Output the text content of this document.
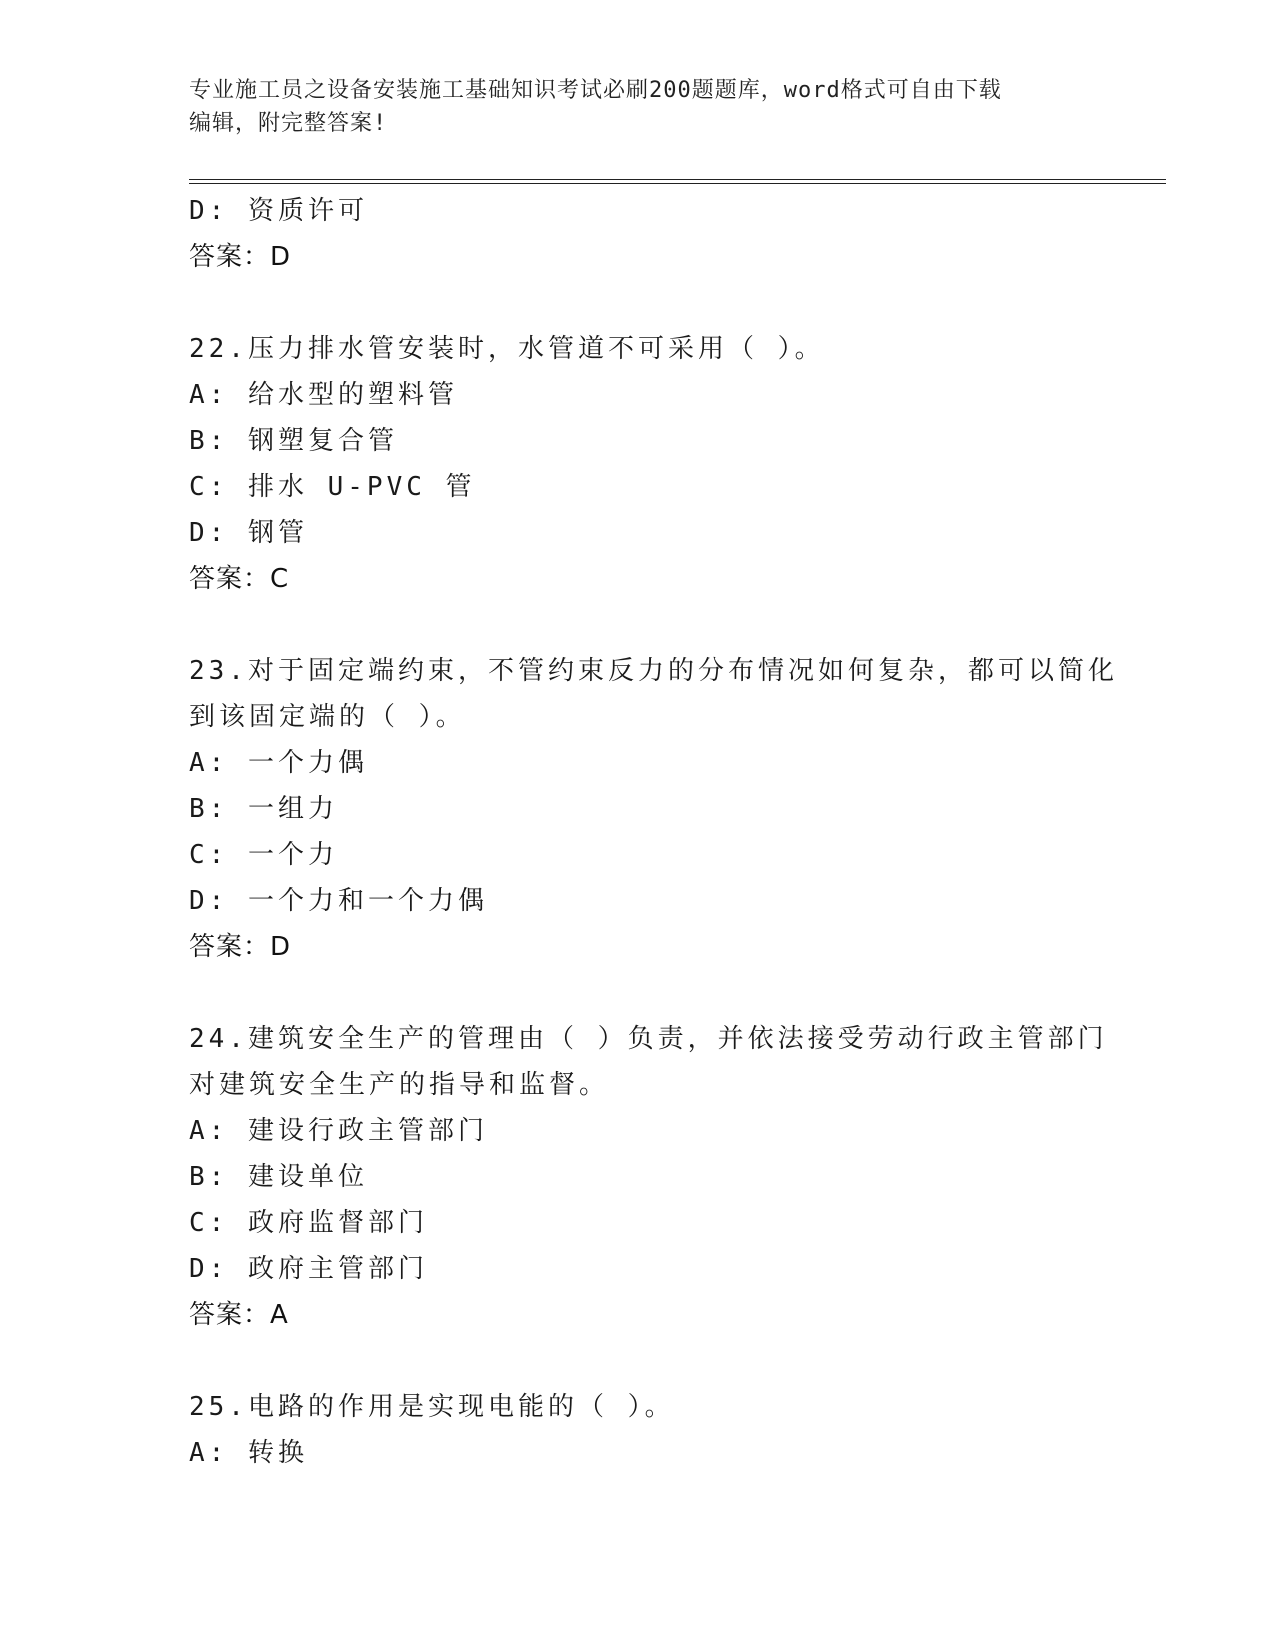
专业施工员之设备安装施工基础知识考试必刷200题题库，word格式可自由下载
编辑，附完整答案!
D: 资质许可
答案：D
22.压力排水管安装时，水管道不可采用（ ）。
A: 给水型的塑料管
B: 钢塑复合管
C: 排水 U-PVC 管
D: 钢管
答案：C
23.对于固定端约束，不管约束反力的分布情况如何复杂，都可以简化
到该固定端的（ ）。
A: 一个力偶
B: 一组力
C: 一个力
D: 一个力和一个力偶
答案：D
24.建筑安全生产的管理由（ ）负责，并依法接受劳动行政主管部门
对建筑安全生产的指导和监督。
A: 建设行政主管部门
B: 建设单位
C: 政府监督部门
D: 政府主管部门
答案：A
25.电路的作用是实现电能的（ ）。
A: 转换
